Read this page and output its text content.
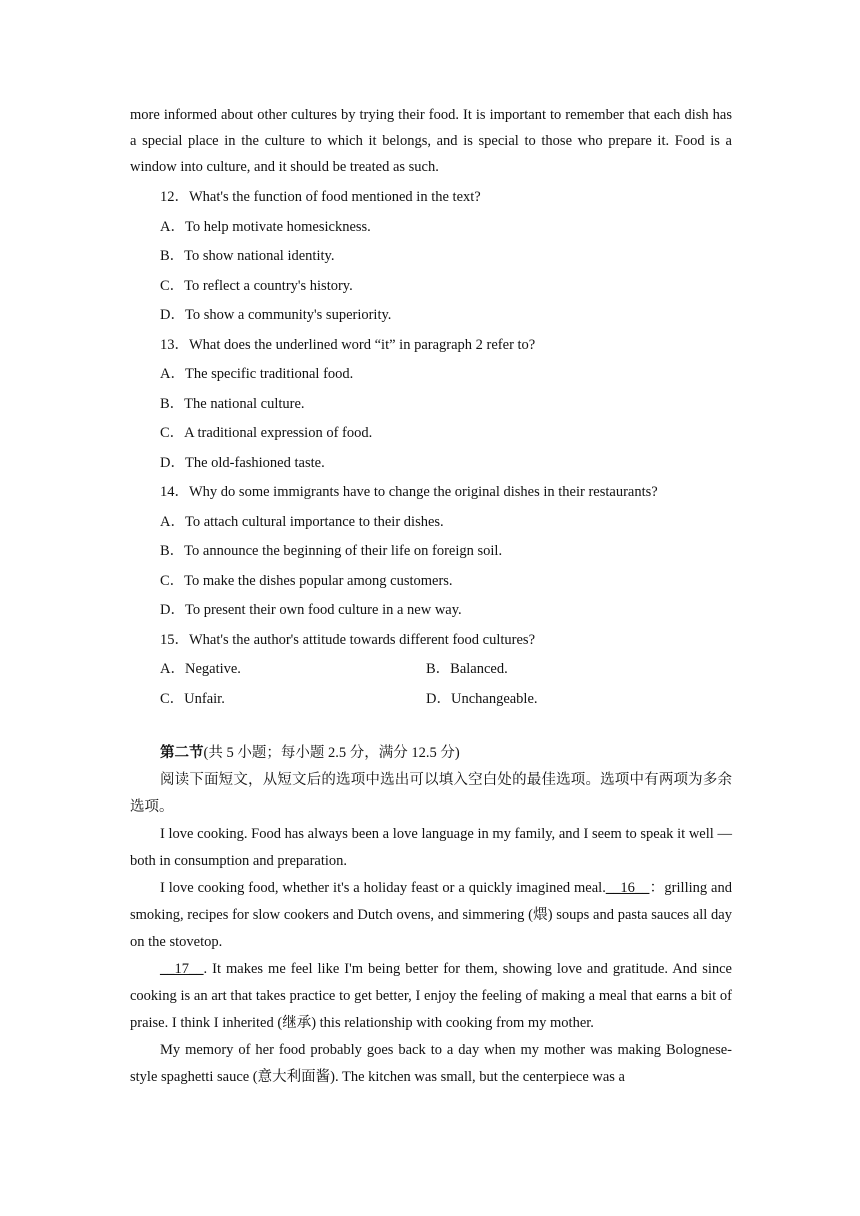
more informed about other cultures by trying their food. It is important to remember that each dish has a special place in the culture to which it belongs, and is special to those who prepare it. Food is a window into culture, and it should be treated as such.

12．What's the function of food mentioned in the text?

A．To help motivate homesickness.

B．To show national identity.

C．To reflect a country's history.

D．To show a community's superiority.

13．What does the underlined word “it” in paragraph 2 refer to?

A．The specific traditional food.

B．The national culture.

C．A traditional expression of food.

D．The old-fashioned taste.

14．Why do some immigrants have to change the original dishes in their restaurants?

A．To attach cultural importance to their dishes.

B．To announce the beginning of their life on foreign soil.

C．To make the dishes popular among customers.

D．To present their own food culture in a new way.

15．What's the author's attitude towards different food cultures?

A．Negative.	B．Balanced.
C．Unfair.	D．Unchangeable.
第二节(共 5 小题；每小题 2.5 分，满分 12.5 分)

阅读下面短文，从短文后的选项中选出可以填入空白处的最佳选项。选项中有两项为多余选项。

I love cooking. Food has always been a love language in my family, and I seem to speak it well — both in consumption and preparation.

I love cooking food, whether it's a holiday feast or a quickly imagined meal.__16__：grilling and smoking, recipes for slow cookers and Dutch ovens, and simmering (煨) soups and pasta sauces all day on the stovetop.

__17__. It makes me feel like I'm being better for them, showing love and gratitude. And since cooking is an art that takes practice to get better, I enjoy the feeling of making a meal that earns a bit of praise. I think I inherited (继承) this relationship with cooking from my mother.

My memory of her food probably goes back to a day when my mother was making Bolognese-style spaghetti sauce (意大利面酱). The kitchen was small, but the centerpiece was a
